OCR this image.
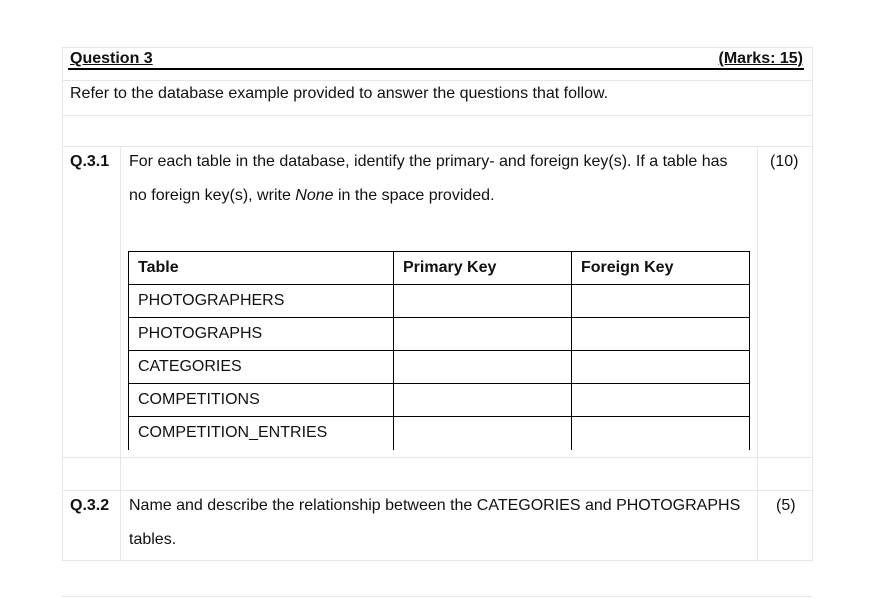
Question 3	(Marks: 15)
Refer to the database example provided to answer the questions that follow.
Q.3.1 For each table in the database, identify the primary- and foreign key(s). If a table has
no foreign key(s), write None in the space provided.
(10)
Table	Primary Key	Foreign Key
PHOTOGRAPHERS		
PHOTOGRAPHS		
CATEGORIES		
COMPETITIONS		
COMPETITION_ENTRIES		
Q.3.2 Name and describe the relationship between the CATEGORIES and PHOTOGRAPHS
tables.
(5)
